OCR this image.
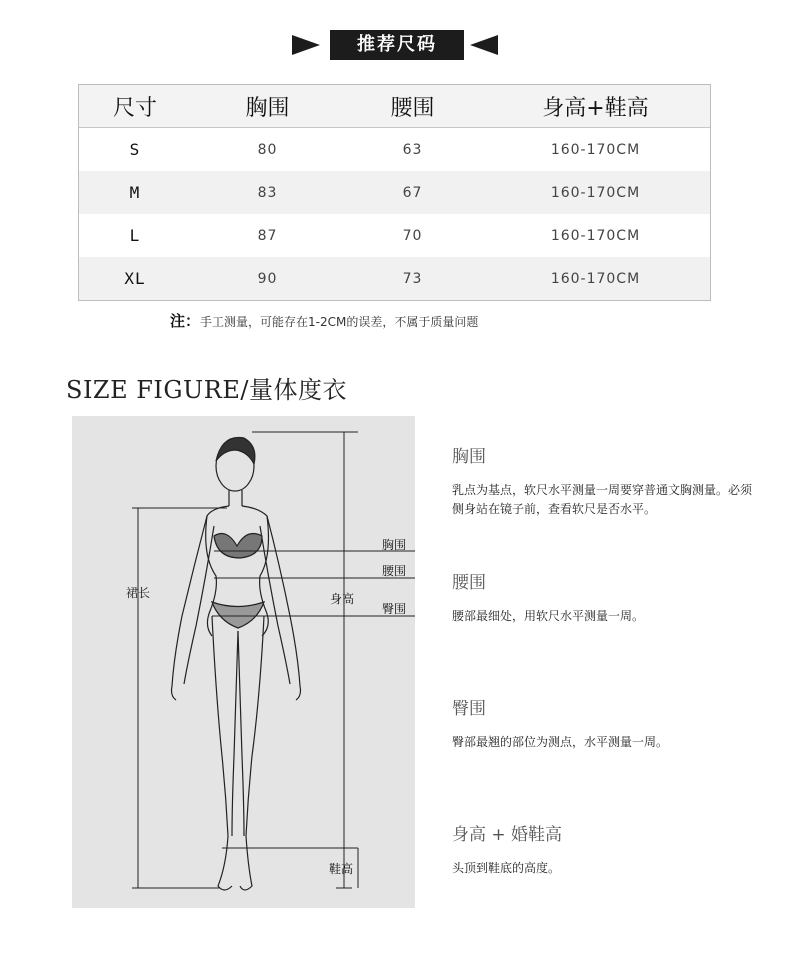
推荐尺码
尺寸	胸围	腰围	身高+鞋高
S	80	63	160-170CM
M	83	67	160-170CM
L	87	70	160-170CM
XL	90	73	160-170CM
注：手工测量，可能存在1-2CM的误差，不属于质量问题
SIZE FIGURE/量体度衣
胸围
腰围
臀围
裙长	身高
鞋高
胸围

乳点为基点，软尺水平测量一周要穿普通文胸测量。必须侧身站在镜子前，查看软尺是否水平。

腰围

腰部最细处，用软尺水平测量一周。

臀围

臀部最翘的部位为测点，水平测量一周。

身高 + 婚鞋高

头顶到鞋底的高度。
